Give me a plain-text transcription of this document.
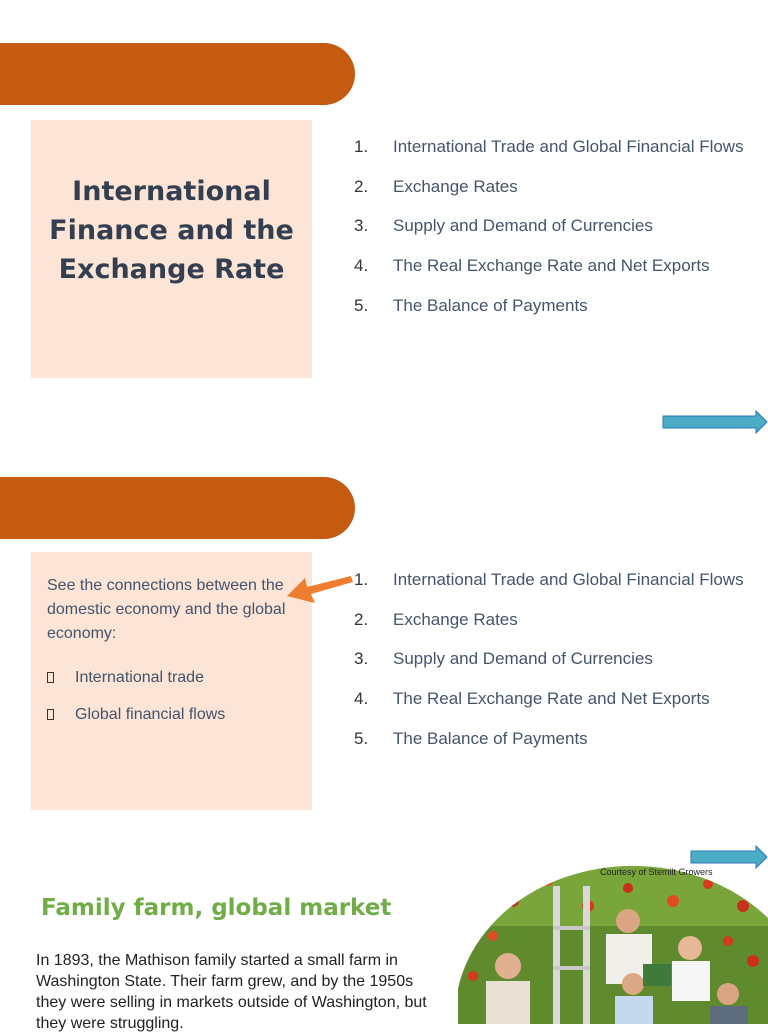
International
Finance and the
Exchange Rate
1.	International Trade and Global Financial Flows
2.	Exchange Rates
3.	Supply and Demand of Currencies
4.	The Real Exchange Rate and Net Exports
5.	The Balance of Payments
See the connections between the domestic economy and the global economy:
International trade
Global financial flows
1.	International Trade and Global Financial Flows
2.	Exchange Rates
3.	Supply and Demand of Currencies
4.	The Real Exchange Rate and Net Exports
5.	The Balance of Payments
Family farm, global market
In 1893, the Mathison family started a small farm in Washington State. Their farm grew, and by the 1950s they were selling in markets outside of Washington, but they were struggling.
Courtesy of Stemilt Growers
